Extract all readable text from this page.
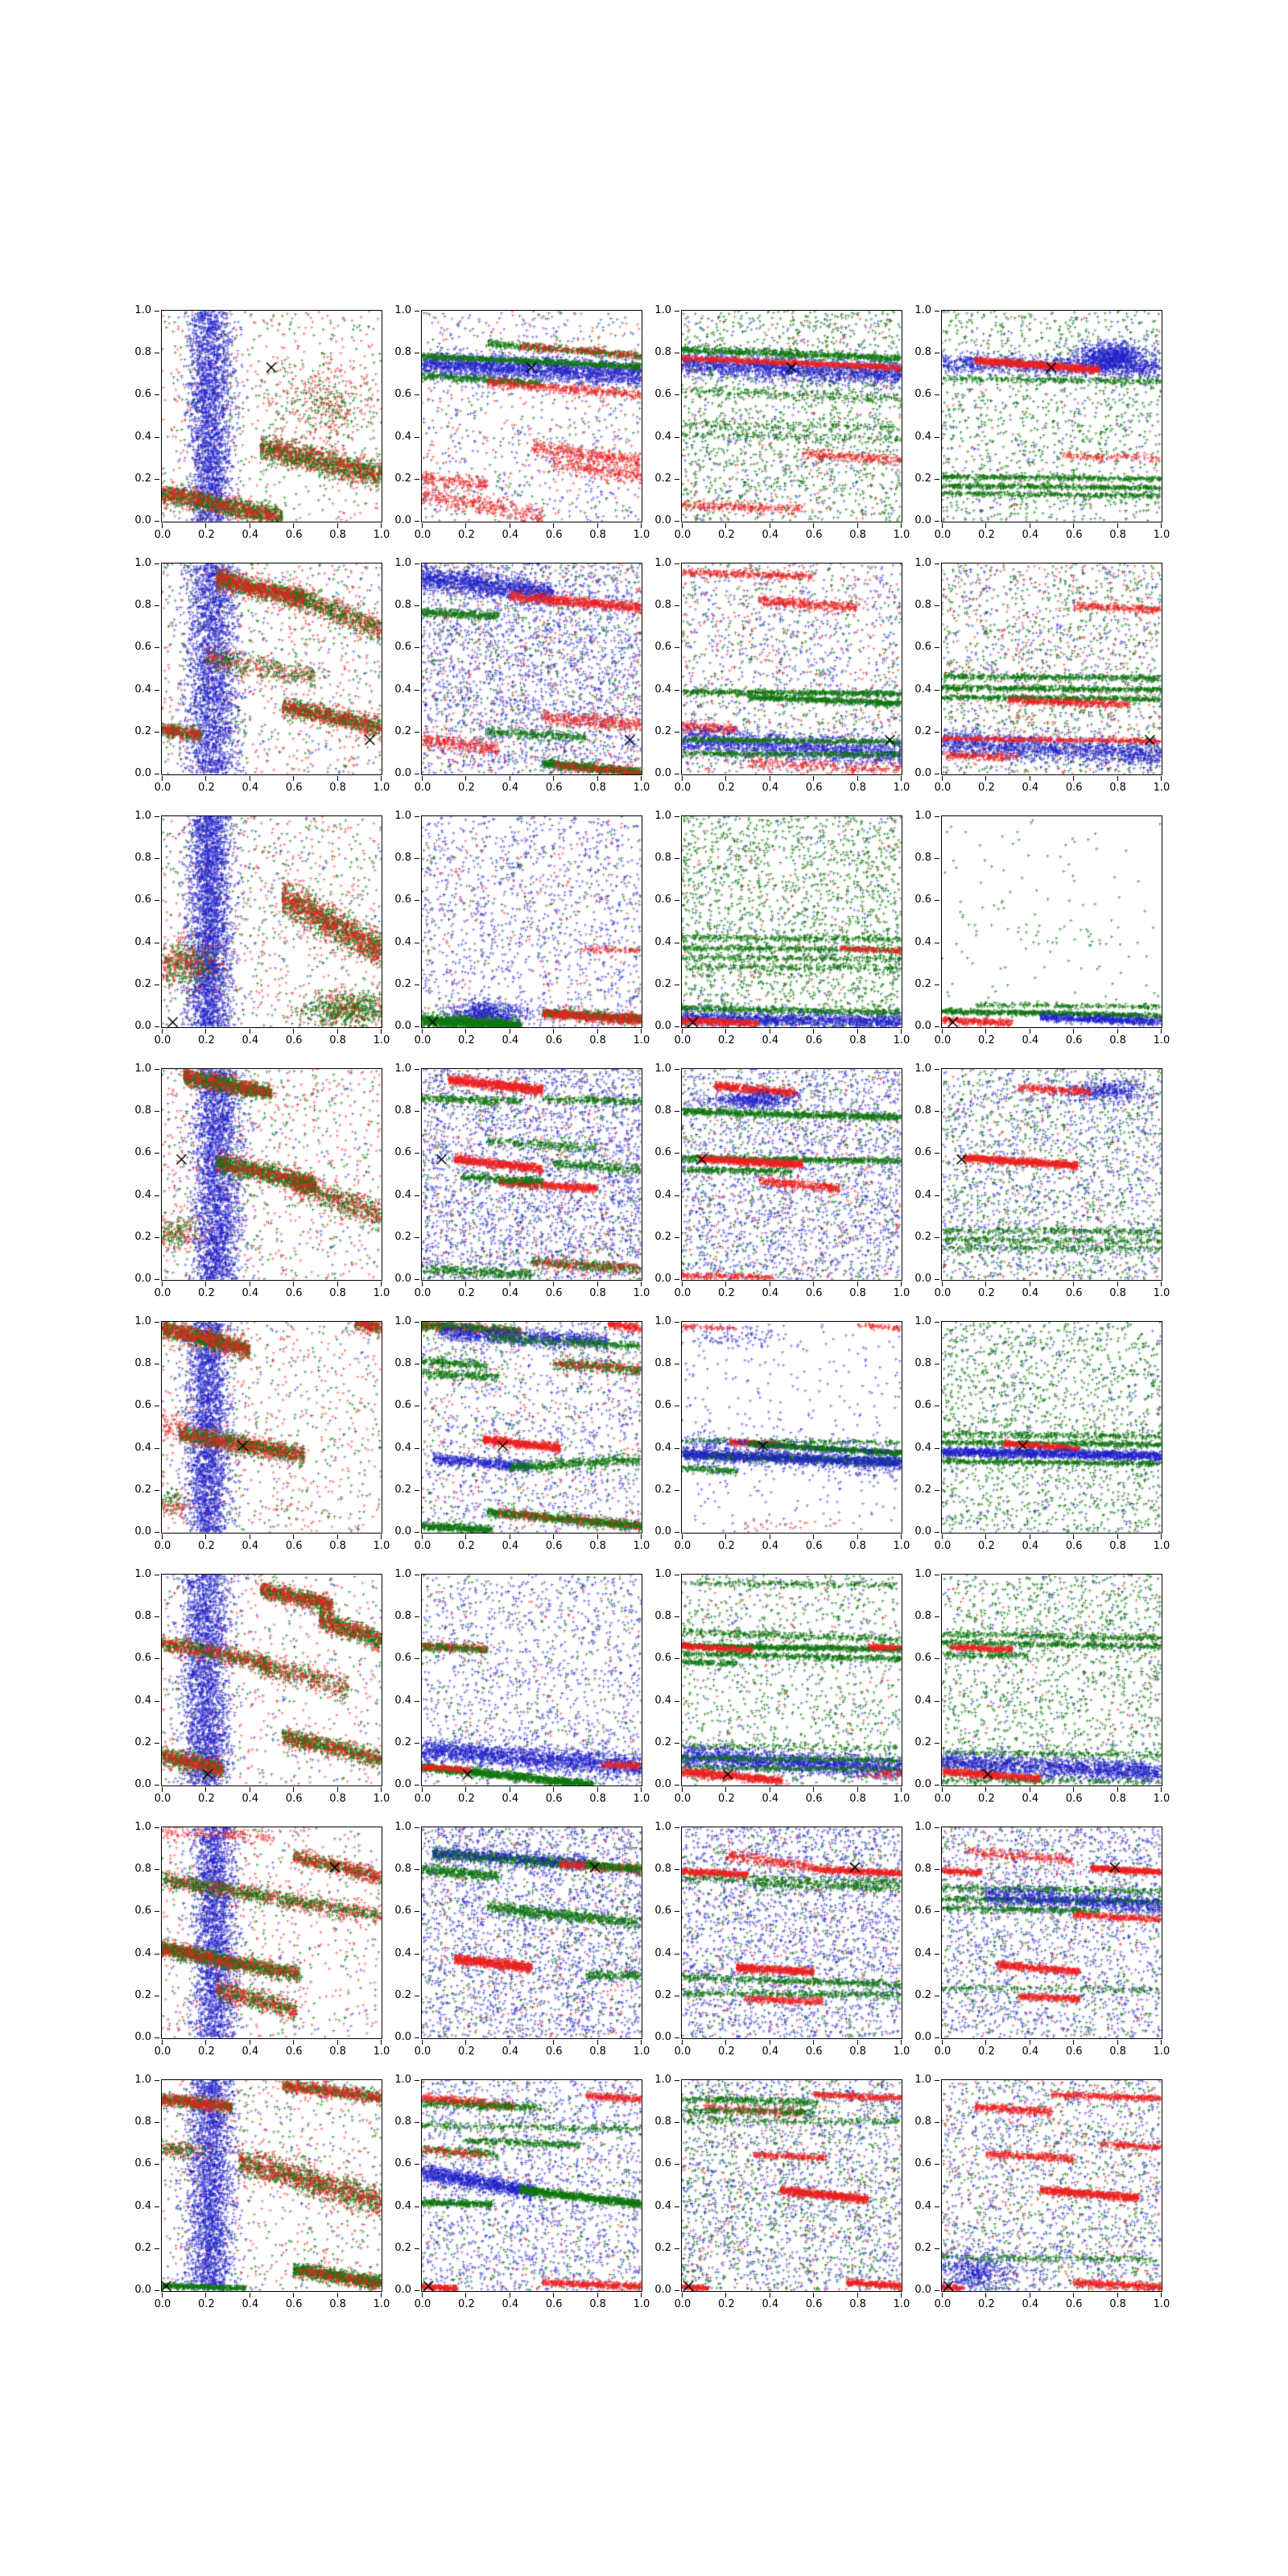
0.0
0.0
0.2
0.2
0.4
0.4
0.6
0.6
0.8
0.8
1.0
1.0
0.0
0.0
0.2
0.2
0.4
0.4
0.6
0.6
0.8
0.8
1.0
1.0
0.0
0.0
0.2
0.2
0.4
0.4
0.6
0.6
0.8
0.8
1.0
1.0
0.0
0.0
0.2
0.2
0.4
0.4
0.6
0.6
0.8
0.8
1.0
1.0
0.0
0.0
0.2
0.2
0.4
0.4
0.6
0.6
0.8
0.8
1.0
1.0
0.0
0.0
0.2
0.2
0.4
0.4
0.6
0.6
0.8
0.8
1.0
1.0
0.0
0.0
0.2
0.2
0.4
0.4
0.6
0.6
0.8
0.8
1.0
1.0
0.0
0.0
0.2
0.2
0.4
0.4
0.6
0.6
0.8
0.8
1.0
1.0
0.0
0.0
0.2
0.2
0.4
0.4
0.6
0.6
0.8
0.8
1.0
1.0
0.0
0.0
0.2
0.2
0.4
0.4
0.6
0.6
0.8
0.8
1.0
1.0
0.0
0.0
0.2
0.2
0.4
0.4
0.6
0.6
0.8
0.8
1.0
1.0
0.0
0.0
0.2
0.2
0.4
0.4
0.6
0.6
0.8
0.8
1.0
1.0
0.0
0.0
0.2
0.2
0.4
0.4
0.6
0.6
0.8
0.8
1.0
1.0
0.0
0.0
0.2
0.2
0.4
0.4
0.6
0.6
0.8
0.8
1.0
1.0
0.0
0.0
0.2
0.2
0.4
0.4
0.6
0.6
0.8
0.8
1.0
1.0
0.0
0.0
0.2
0.2
0.4
0.4
0.6
0.6
0.8
0.8
1.0
1.0
0.0
0.0
0.2
0.2
0.4
0.4
0.6
0.6
0.8
0.8
1.0
1.0
0.0
0.0
0.2
0.2
0.4
0.4
0.6
0.6
0.8
0.8
1.0
1.0
0.0
0.0
0.2
0.2
0.4
0.4
0.6
0.6
0.8
0.8
1.0
1.0
0.0
0.0
0.2
0.2
0.4
0.4
0.6
0.6
0.8
0.8
1.0
1.0
0.0
0.0
0.2
0.2
0.4
0.4
0.6
0.6
0.8
0.8
1.0
1.0
0.0
0.0
0.2
0.2
0.4
0.4
0.6
0.6
0.8
0.8
1.0
1.0
0.0
0.0
0.2
0.2
0.4
0.4
0.6
0.6
0.8
0.8
1.0
1.0
0.0
0.0
0.2
0.2
0.4
0.4
0.6
0.6
0.8
0.8
1.0
1.0
0.0
0.0
0.2
0.2
0.4
0.4
0.6
0.6
0.8
0.8
1.0
1.0
0.0
0.0
0.2
0.2
0.4
0.4
0.6
0.6
0.8
0.8
1.0
1.0
0.0
0.0
0.2
0.2
0.4
0.4
0.6
0.6
0.8
0.8
1.0
1.0
0.0
0.0
0.2
0.2
0.4
0.4
0.6
0.6
0.8
0.8
1.0
1.0
0.0
0.0
0.2
0.2
0.4
0.4
0.6
0.6
0.8
0.8
1.0
1.0
0.0
0.0
0.2
0.2
0.4
0.4
0.6
0.6
0.8
0.8
1.0
1.0
0.0
0.0
0.2
0.2
0.4
0.4
0.6
0.6
0.8
0.8
1.0
1.0
0.0
0.0
0.2
0.2
0.4
0.4
0.6
0.6
0.8
0.8
1.0
1.0
